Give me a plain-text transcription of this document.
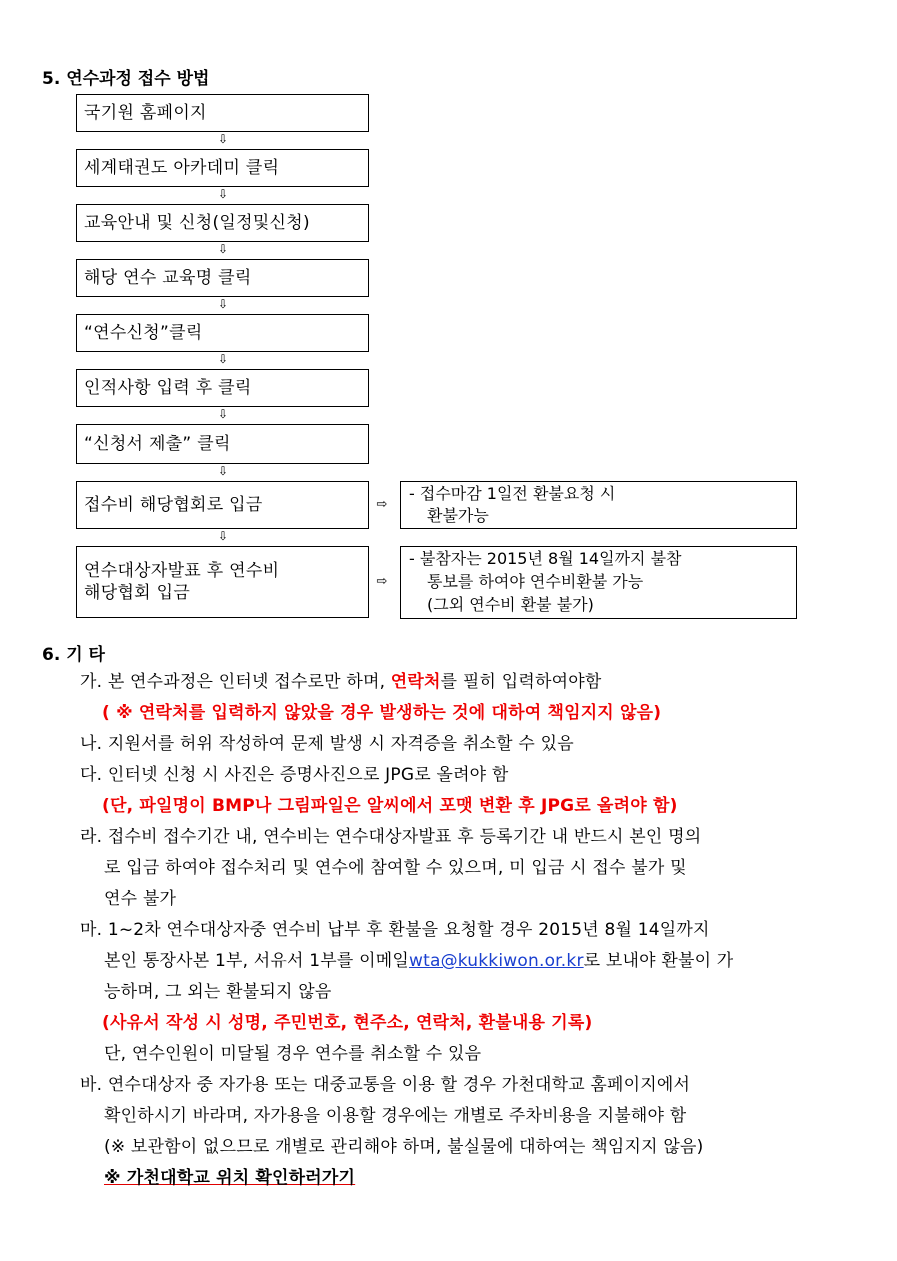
5. 연수과정 접수 방법
국기원 홈페이지
⇩
세계태권도 아카데미 클릭
⇩
교육안내 및 신청(일정및신청)
⇩
해당 연수 교육명 클릭
⇩
“연수신청”클릭
⇩
인적사항 입력 후 클릭
⇩
“신청서 제출” 클릭
⇩
접수비 해당협회로 입금
⇩
연수대상자발표 후 연수비
해당협회 입금
⇨
⇨
- 접수마감 1일전 환불요청 시
환불가능
- 불참자는 2015년 8월 14일까지 불참
통보를 하여야 연수비환불 가능
(그외 연수비 환불 불가)
6. 기 타
가. 본 연수과정은 인터넷 접수로만 하며, 연락처를 필히 입력하여야함
( ※ 연락처를 입력하지 않았을 경우 발생하는 것에 대하여 책임지지 않음)
나. 지원서를 허위 작성하여 문제 발생 시 자격증을 취소할 수 있음
다. 인터넷 신청 시 사진은 증명사진으로 JPG로 올려야 함
(단, 파일명이 BMP나 그림파일은 알씨에서 포맷 변환 후 JPG로 올려야 함)
라. 접수비 접수기간 내, 연수비는 연수대상자발표 후 등록기간 내 반드시 본인 명의
로 입금 하여야 접수처리 및 연수에 참여할 수 있으며, 미 입금 시 접수 불가 및
연수 불가
마. 1~2차 연수대상자중 연수비 납부 후 환불을 요청할 경우 2015년 8월 14일까지
본인 통장사본 1부, 서유서 1부를 이메일wta@kukkiwon.or.kr로 보내야 환불이 가
능하며, 그 외는 환불되지 않음
(사유서 작성 시 성명, 주민번호, 현주소, 연락처, 환불내용 기록)
단, 연수인원이 미달될 경우 연수를 취소할 수 있음
바. 연수대상자 중 자가용 또는 대중교통을 이용 할 경우 가천대학교 홈페이지에서
확인하시기 바라며, 자가용을 이용할 경우에는 개별로 주차비용을 지불해야 함
(※ 보관함이 없으므로 개별로 관리해야 하며, 불실물에 대하여는 책임지지 않음)
※ 가천대학교 위치 확인하러가기
